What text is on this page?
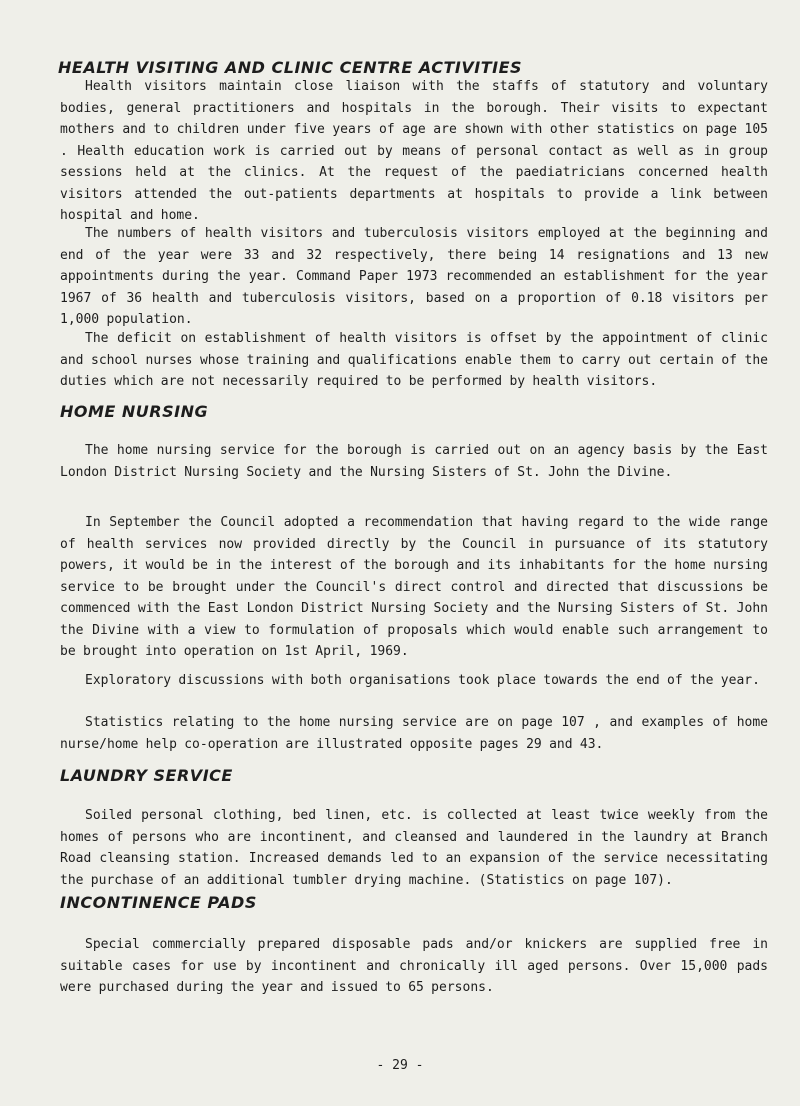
HEALTH VISITING AND CLINIC CENTRE ACTIVITIES

Health visitors maintain close liaison with the staffs of statutory and voluntary bodies, general practitioners and hospitals in the borough. Their visits to expectant mothers and to children under five years of age are shown with other statistics on page 105 . Health education work is carried out by means of personal contact as well as in group sessions held at the clinics. At the request of the paediatricians concerned health visitors attended the out-patients departments at hospitals to provide a link between hospital and home.

The numbers of health visitors and tuberculosis visitors employed at the beginning and end of the year were 33 and 32 respectively, there being 14 resignations and 13 new appointments during the year. Command Paper 1973 recommended an establishment for the year 1967 of 36 health and tuberculosis visitors, based on a proportion of 0.18 visitors per 1,000 population.

The deficit on establishment of health visitors is offset by the appointment of clinic and school nurses whose training and qualifications enable them to carry out certain of the duties which are not necessarily required to be performed by health visitors.

HOME NURSING

The home nursing service for the borough is carried out on an agency basis by the East London District Nursing Society and the Nursing Sisters of St. John the Divine.

In September the Council adopted a recommendation that having regard to the wide range of health services now provided directly by the Council in pursuance of its statutory powers, it would be in the interest of the borough and its inhabitants for the home nursing service to be brought under the Council's direct control and directed that discussions be commenced with the East London District Nursing Society and the Nursing Sisters of St. John the Divine with a view to formulation of proposals which would enable such arrangement to be brought into operation on 1st April, 1969.

Exploratory discussions with both organisations took place towards the end of the year.

Statistics relating to the home nursing service are on page 107 , and examples of home nurse/home help co-operation are illustrated opposite pages 29 and 43.

LAUNDRY SERVICE

Soiled personal clothing, bed linen, etc. is collected at least twice weekly from the homes of persons who are incontinent, and cleansed and laundered in the laundry at Branch Road cleansing station. Increased demands led to an expansion of the service necessitating the purchase of an additional tumbler drying machine. (Statistics on page 107).

INCONTINENCE PADS

Special commercially prepared disposable pads and/or knickers are supplied free in suitable cases for use by incontinent and chronically ill aged persons. Over 15,000 pads were purchased during the year and issued to 65 persons.

- 29 -
